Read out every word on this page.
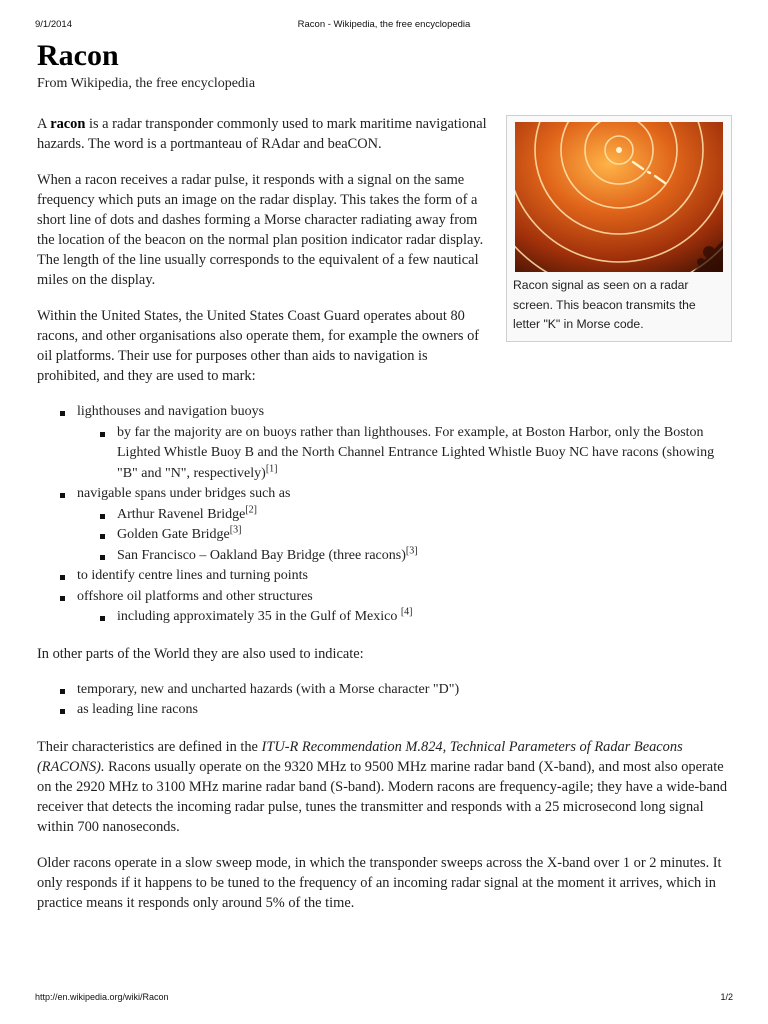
9/1/2014	Racon - Wikipedia, the free encyclopedia
Racon
From Wikipedia, the free encyclopedia
Racon signal as seen on a radar screen. This beacon transmits the letter "K" in Morse code.

A racon is a radar transponder commonly used to mark maritime navigational hazards. The word is a portmanteau of RAdar and beaCON.

When a racon receives a radar pulse, it responds with a signal on the same frequency which puts an image on the radar display. This takes the form of a short line of dots and dashes forming a Morse character radiating away from the location of the beacon on the normal plan position indicator radar display. The length of the line usually corresponds to the equivalent of a few nautical miles on the display.

Within the United States, the United States Coast Guard operates about 80 racons, and other organisations also operate them, for example the owners of oil platforms. Their use for purposes other than aids to navigation is prohibited, and they are used to mark:

lighthouses and navigation buoys
by far the majority are on buoys rather than lighthouses. For example, at Boston Harbor, only the Boston Lighted Whistle Buoy B and the North Channel Entrance Lighted Whistle Buoy NC have racons (showing "B" and "N", respectively)[1]
navigable spans under bridges such as
Arthur Ravenel Bridge[2]
Golden Gate Bridge[3]
San Francisco – Oakland Bay Bridge (three racons)[3]
to identify centre lines and turning points
offshore oil platforms and other structures
including approximately 35 in the Gulf of Mexico [4]

In other parts of the World they are also used to indicate:

temporary, new and uncharted hazards (with a Morse character "D")
as leading line racons

Their characteristics are defined in the ITU-R Recommendation M.824, Technical Parameters of Radar Beacons (RACONS). Racons usually operate on the 9320 MHz to 9500 MHz marine radar band (X-band), and most also operate on the 2920 MHz to 3100 MHz marine radar band (S-band). Modern racons are frequency-agile; they have a wide-band receiver that detects the incoming radar pulse, tunes the transmitter and responds with a 25 microsecond long signal within 700 nanoseconds.

Older racons operate in a slow sweep mode, in which the transponder sweeps across the X-band over 1 or 2 minutes. It only responds if it happens to be tuned to the frequency of an incoming radar signal at the moment it arrives, which in practice means it responds only around 5% of the time.

http://en.wikipedia.org/wiki/Racon	1/2
